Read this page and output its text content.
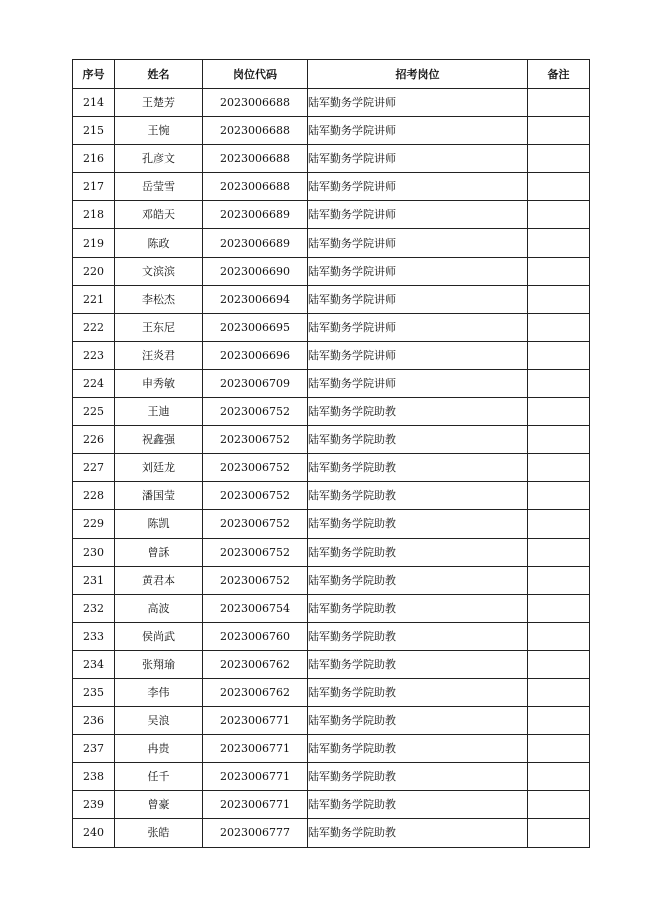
序号	姓名	岗位代码	招考岗位	备注
214	王楚芳	2023006688	陆军勤务学院讲师	
215	王惋	2023006688	陆军勤务学院讲师	
216	孔彦文	2023006688	陆军勤务学院讲师	
217	岳莹雪	2023006688	陆军勤务学院讲师	
218	邓皓天	2023006689	陆军勤务学院讲师	
219	陈政	2023006689	陆军勤务学院讲师	
220	文滨滨	2023006690	陆军勤务学院讲师	
221	李松杰	2023006694	陆军勤务学院讲师	
222	王东尼	2023006695	陆军勤务学院讲师	
223	汪炎君	2023006696	陆军勤务学院讲师	
224	申秀敏	2023006709	陆军勤务学院讲师	
225	王迪	2023006752	陆军勤务学院助教	
226	祝鑫强	2023006752	陆军勤务学院助教	
227	刘廷龙	2023006752	陆军勤务学院助教	
228	潘国莹	2023006752	陆军勤务学院助教	
229	陈凯	2023006752	陆军勤务学院助教	
230	曾訸	2023006752	陆军勤务学院助教	
231	黄君本	2023006752	陆军勤务学院助教	
232	高波	2023006754	陆军勤务学院助教	
233	侯尚武	2023006760	陆军勤务学院助教	
234	张翔瑜	2023006762	陆军勤务学院助教	
235	李伟	2023006762	陆军勤务学院助教	
236	吴浪	2023006771	陆军勤务学院助教	
237	冉贵	2023006771	陆军勤务学院助教	
238	任千	2023006771	陆军勤务学院助教	
239	曾豪	2023006771	陆军勤务学院助教	
240	张皓	2023006777	陆军勤务学院助教	
